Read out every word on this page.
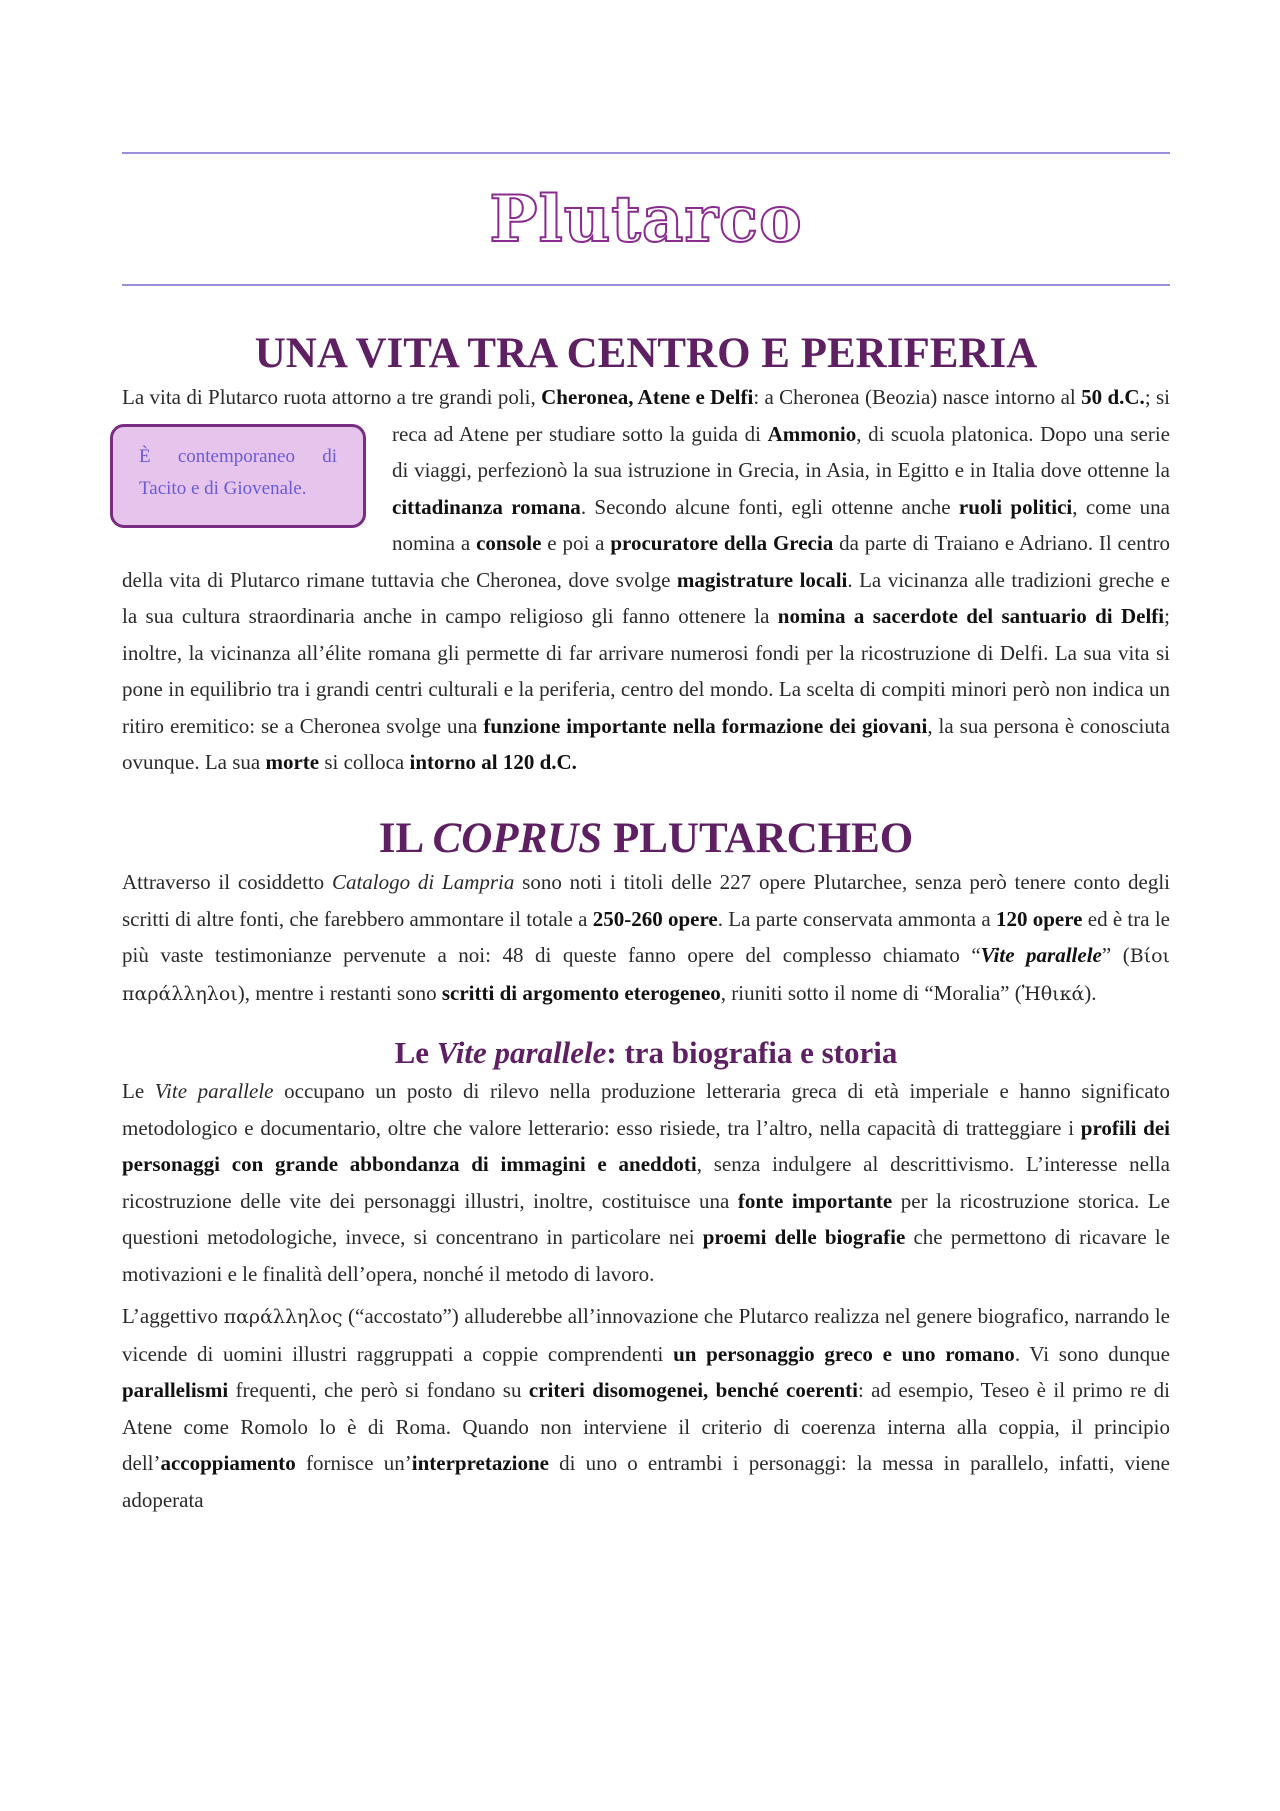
Plutarco
UNA VITA TRA CENTRO E PERIFERIA

La vita di Plutarco ruota attorno a tre grandi poli, Cheronea, Atene e Delfi: a Cheronea (Beozia) nasce intorno al
È contemporaneo di Tacito e di Giovenale.
50 d.C.; si reca ad Atene per studiare sotto la guida di Ammonio, di scuola platonica. Dopo una serie di viaggi, perfezionò la sua istruzione in Grecia, in Asia, in Egitto e in Italia dove ottenne la cittadinanza romana. Secondo alcune fonti, egli ottenne anche ruoli politici, come una nomina a console e poi a procuratore della Grecia da parte di Traiano e Adriano. Il centro della vita di Plutarco rimane tuttavia che Cheronea, dove svolge magistrature locali. La vicinanza alle tradizioni greche e la sua cultura straordinaria anche in campo religioso gli fanno ottenere la nomina a sacerdote del santuario di Delfi; inoltre, la vicinanza all’élite romana gli permette di far arrivare numerosi fondi per la ricostruzione di Delfi. La sua vita si pone in equilibrio tra i grandi centri culturali e la periferia, centro del mondo. La scelta di compiti minori però non indica un ritiro eremitico: se a Cheronea svolge una funzione importante nella formazione dei giovani, la sua persona è conosciuta ovunque. La sua morte si colloca intorno al 120 d.C.

IL COPRUS PLUTARCHEO

Attraverso il cosiddetto Catalogo di Lampria sono noti i titoli delle 227 opere Plutarchee, senza però tenere conto degli scritti di altre fonti, che farebbero ammontare il totale a 250-260 opere. La parte conservata ammonta a 120 opere ed è tra le più vaste testimonianze pervenute a noi: 48 di queste fanno opere del complesso chiamato “Vite parallele” (Βίοι παράλληλοι), mentre i restanti sono scritti di argomento eterogeneo, riuniti sotto il nome di “Moralia” (Ἠθικά).

Le Vite parallele: tra biografia e storia

Le Vite parallele occupano un posto di rilevo nella produzione letteraria greca di età imperiale e hanno significato metodologico e documentario, oltre che valore letterario: esso risiede, tra l’altro, nella capacità di tratteggiare i profili dei personaggi con grande abbondanza di immagini e aneddoti, senza indulgere al descrittivismo. L’interesse nella ricostruzione delle vite dei personaggi illustri, inoltre, costituisce una fonte importante per la ricostruzione storica. Le questioni metodologiche, invece, si concentrano in particolare nei proemi delle biografie che permettono di ricavare le motivazioni e le finalità dell’opera, nonché il metodo di lavoro.

L’aggettivo παράλληλος (“accostato”) alluderebbe all’innovazione che Plutarco realizza nel genere biografico, narrando le vicende di uomini illustri raggruppati a coppie comprendenti un personaggio greco e uno romano. Vi sono dunque parallelismi frequenti, che però si fondano su criteri disomogenei, benché coerenti: ad esempio, Teseo è il primo re di Atene come Romolo lo è di Roma. Quando non interviene il criterio di coerenza interna alla coppia, il principio dell’accoppiamento fornisce un’interpretazione di uno o entrambi i personaggi: la messa in parallelo, infatti, viene adoperata
